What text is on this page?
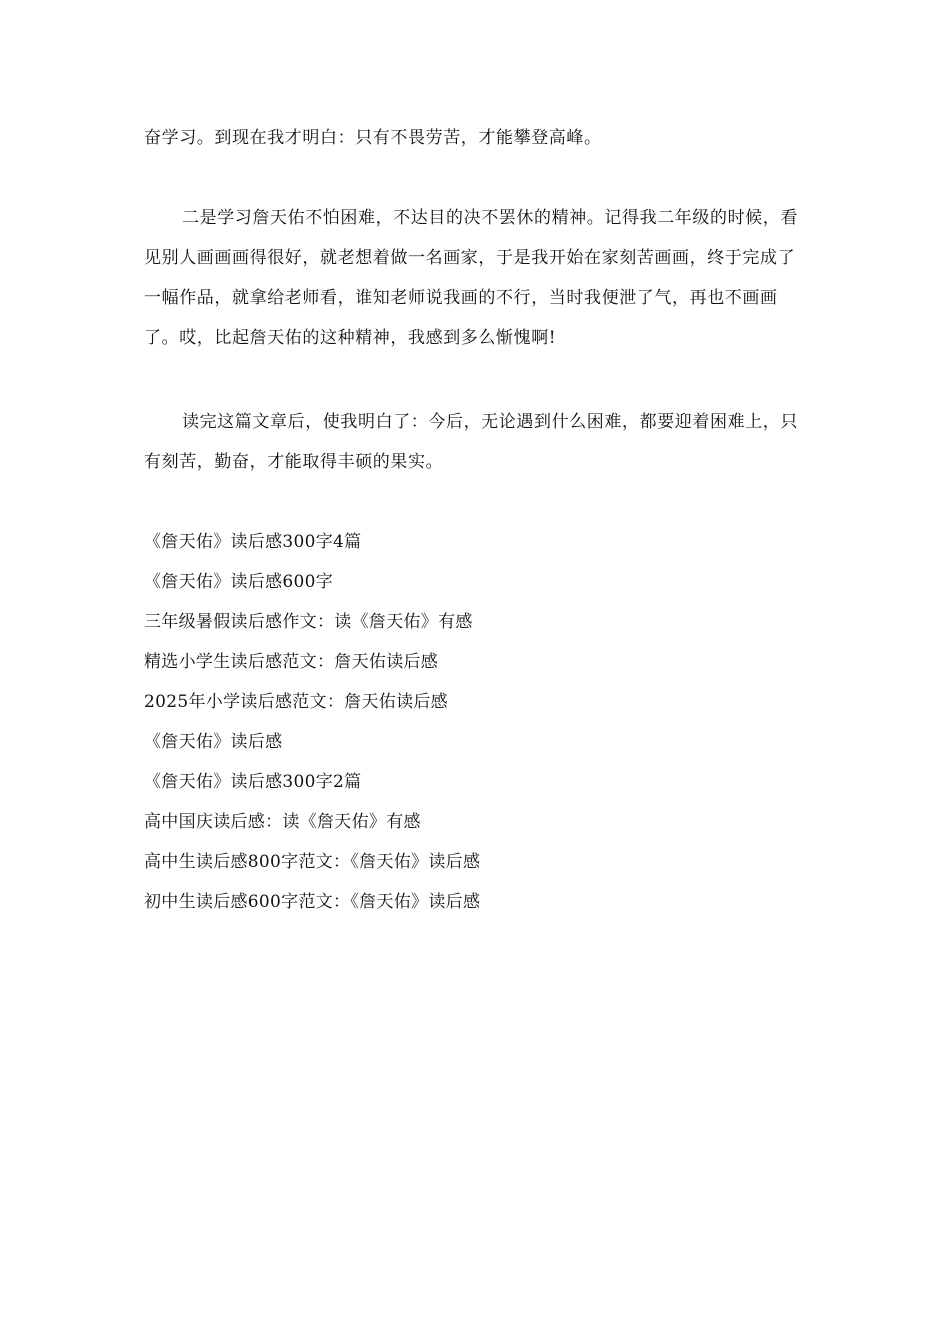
奋学习。到现在我才明白：只有不畏劳苦，才能攀登高峰。

二是学习詹天佑不怕困难，不达目的决不罢休的精神。记得我二年级的时候，看见别人画画画得很好，就老想着做一名画家，于是我开始在家刻苦画画，终于完成了一幅作品，就拿给老师看，谁知老师说我画的不行，当时我便泄了气，再也不画画了。哎，比起詹天佑的这种精神，我感到多么惭愧啊!

读完这篇文章后，使我明白了：今后，无论遇到什么困难，都要迎着困难上，只有刻苦，勤奋，才能取得丰硕的果实。

《詹天佑》读后感300字4篇
《詹天佑》读后感600字
三年级暑假读后感作文：读《詹天佑》有感
精选小学生读后感范文：詹天佑读后感
2025年小学读后感范文：詹天佑读后感
《詹天佑》读后感
《詹天佑》读后感300字2篇
高中国庆读后感：读《詹天佑》有感
高中生读后感800字范文：《詹天佑》读后感
初中生读后感600字范文：《詹天佑》读后感
